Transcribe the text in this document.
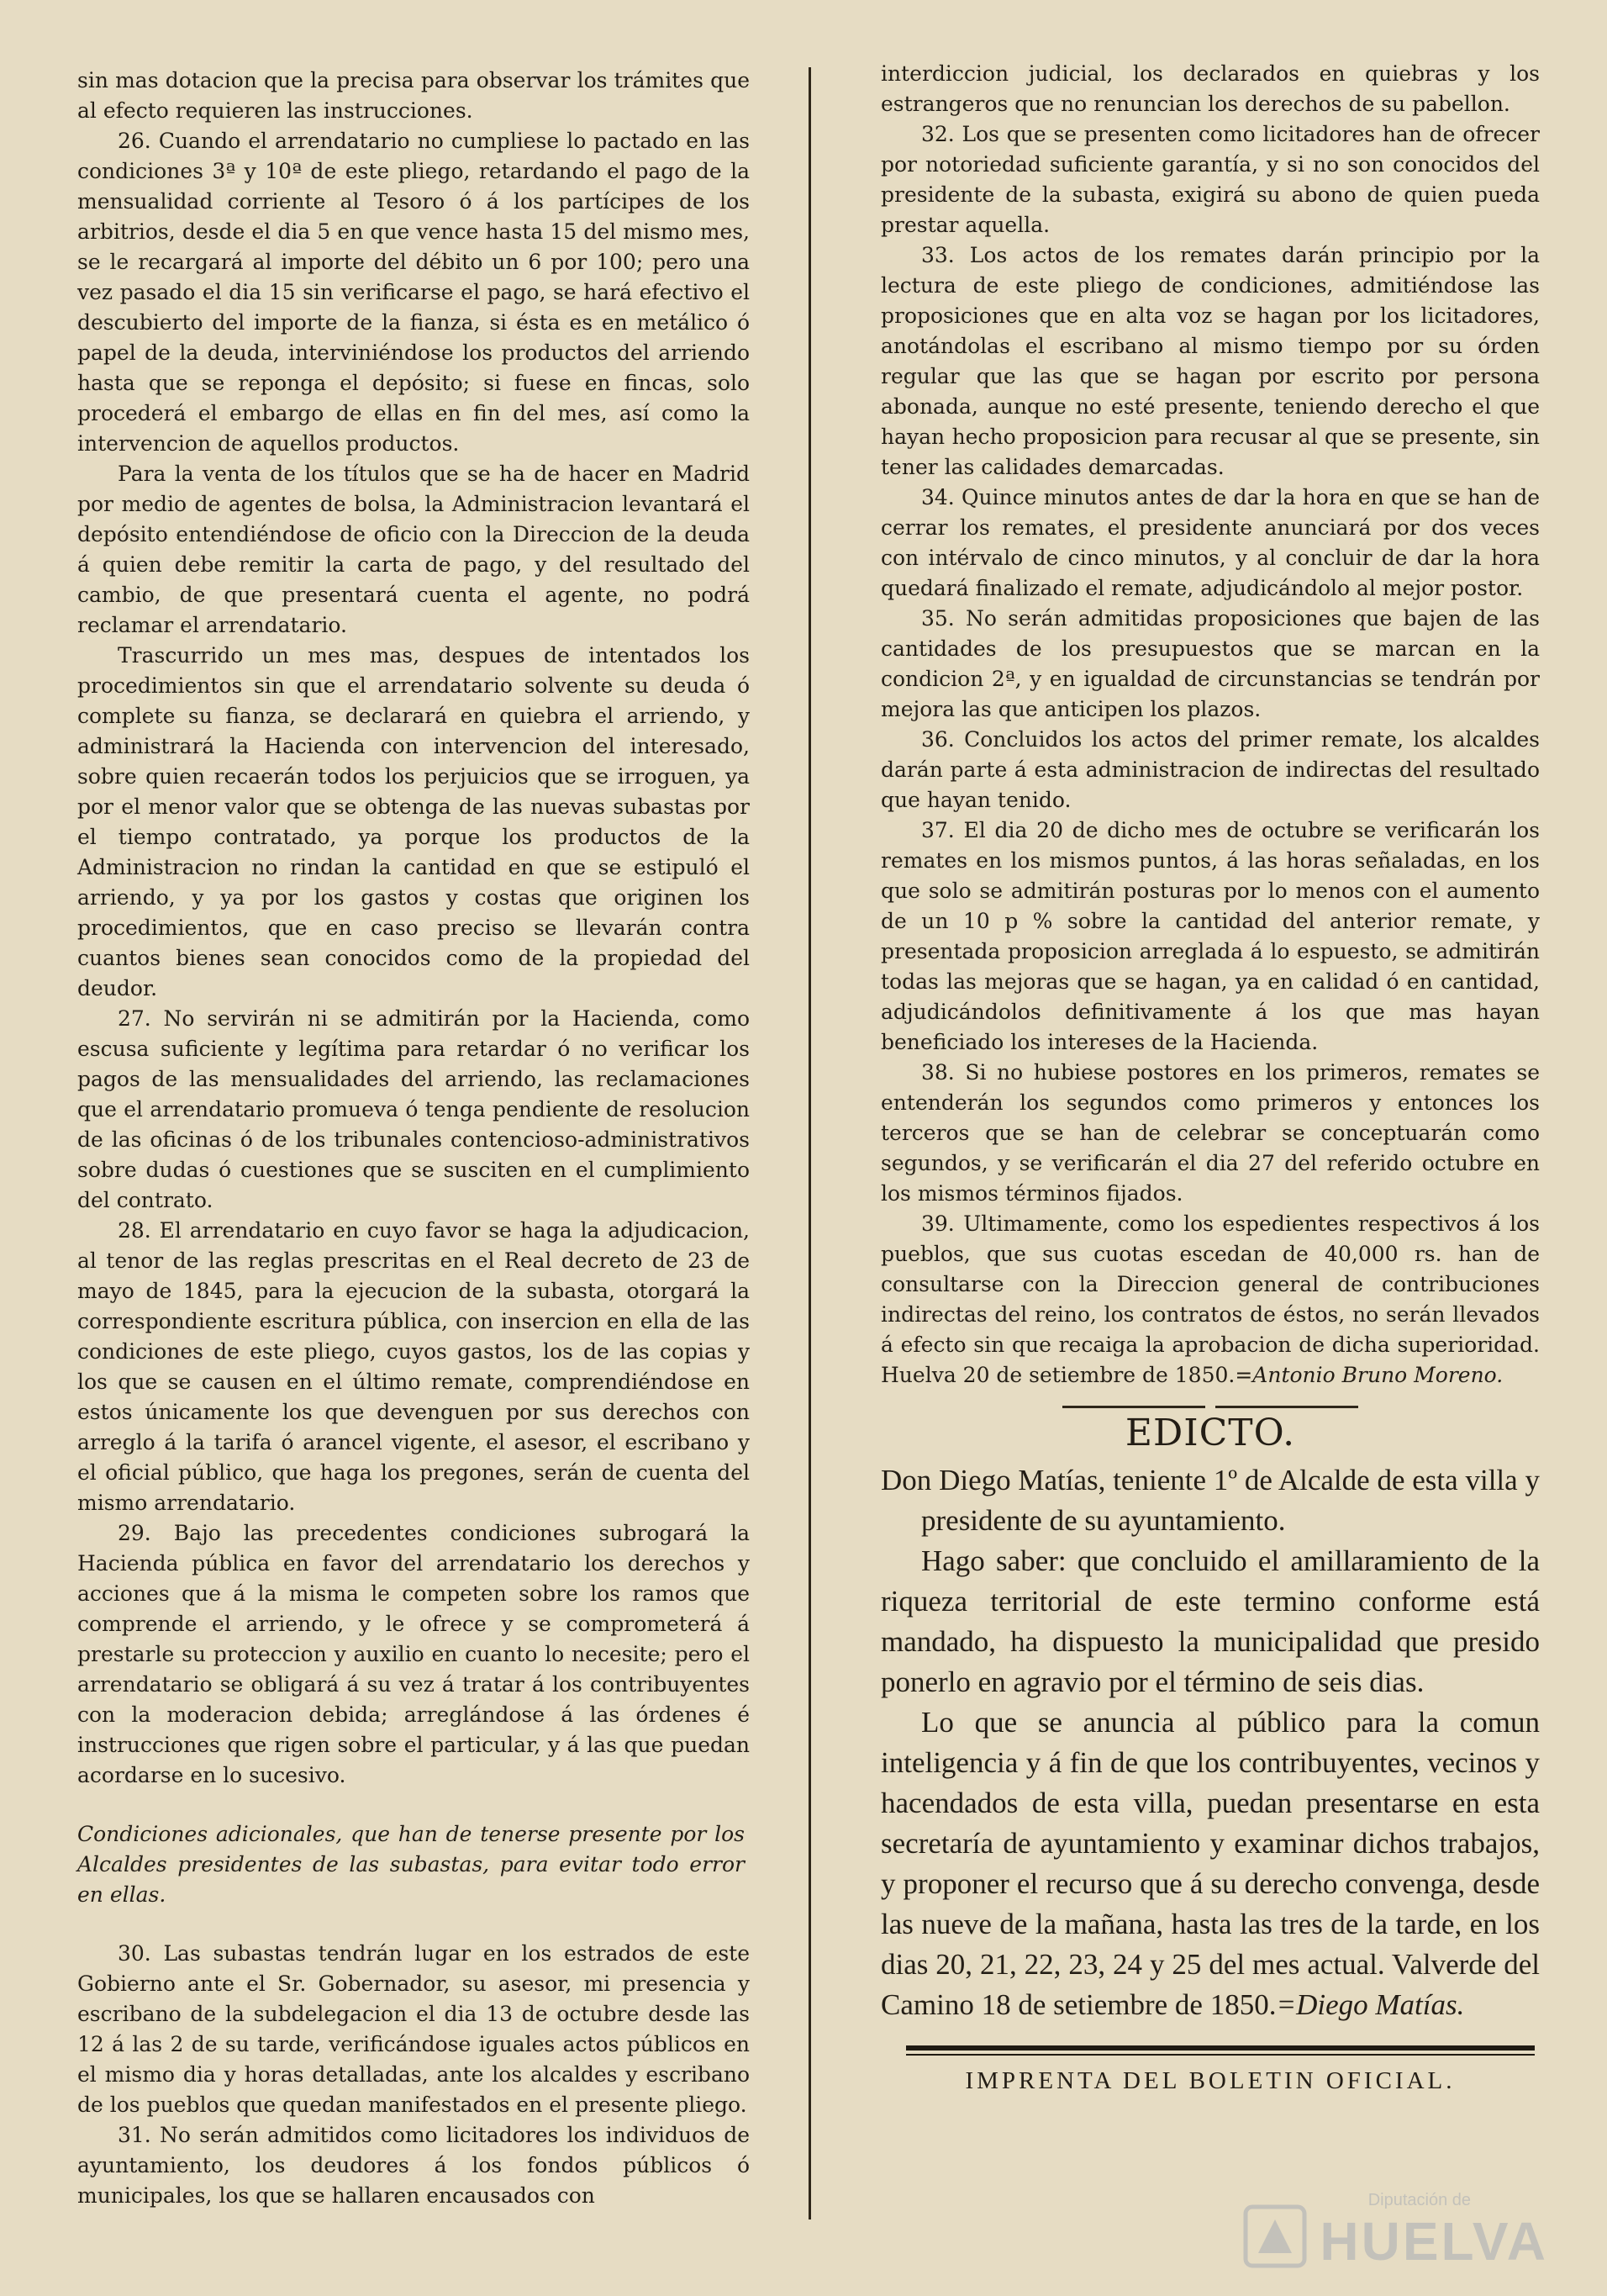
sin mas dotacion que la precisa para observar los trámites que al efecto requieren las instrucciones.

26. Cuando el arrendatario no cumpliese lo pactado en las condiciones 3ª y 10ª de este pliego, retardando el pago de la mensualidad corriente al Tesoro ó á los partícipes de los arbitrios, desde el dia 5 en que vence hasta 15 del mismo mes, se le recargará al importe del débito un 6 por 100; pero una vez pasado el dia 15 sin verificarse el pago, se hará efectivo el descubierto del importe de la fianza, si ésta es en metálico ó papel de la deuda, interviniéndose los productos del arriendo hasta que se reponga el depósito; si fuese en fincas, solo procederá el embargo de ellas en fin del mes, así como la intervencion de aquellos productos.

Para la venta de los títulos que se ha de hacer en Madrid por medio de agentes de bolsa, la Administracion levantará el depósito entendiéndose de oficio con la Direccion de la deuda á quien debe remitir la carta de pago, y del resultado del cambio, de que presentará cuenta el agente, no podrá reclamar el arrendatario.

Trascurrido un mes mas, despues de intentados los procedimientos sin que el arrendatario solvente su deuda ó complete su fianza, se declarará en quiebra el arriendo, y administrará la Hacienda con intervencion del interesado, sobre quien recaerán todos los perjuicios que se irroguen, ya por el menor valor que se obtenga de las nuevas subastas por el tiempo contratado, ya porque los productos de la Administracion no rindan la cantidad en que se estipuló el arriendo, y ya por los gastos y costas que originen los procedimientos, que en caso preciso se llevarán contra cuantos bienes sean conocidos como de la propiedad del deudor.

27. No servirán ni se admitirán por la Hacienda, como escusa suficiente y legítima para retardar ó no verificar los pagos de las mensualidades del arriendo, las reclamaciones que el arrendatario promueva ó tenga pendiente de resolucion de las oficinas ó de los tribunales contencioso-administrativos sobre dudas ó cuestiones que se susciten en el cumplimiento del contrato.

28. El arrendatario en cuyo favor se haga la adjudicacion, al tenor de las reglas prescritas en el Real decreto de 23 de mayo de 1845, para la ejecucion de la subasta, otorgará la correspondiente escritura pública, con insercion en ella de las condiciones de este pliego, cuyos gastos, los de las copias y los que se causen en el último remate, comprendiéndose en estos únicamente los que devenguen por sus derechos con arreglo á la tarifa ó arancel vigente, el asesor, el escribano y el oficial público, que haga los pregones, serán de cuenta del mismo arrendatario.

29. Bajo las precedentes condiciones subrogará la Hacienda pública en favor del arrendatario los derechos y acciones que á la misma le competen sobre los ramos que comprende el arriendo, y le ofrece y se comprometerá á prestarle su proteccion y auxilio en cuanto lo necesite; pero el arrendatario se obligará á su vez á tratar á los contribuyentes con la moderacion debida; arreglándose á las órdenes é instrucciones que rigen sobre el particular, y á las que puedan acordarse en lo sucesivo.

Condiciones adicionales, que han de tenerse presente por los Alcaldes presidentes de las subastas, para evitar todo error en ellas.

30. Las subastas tendrán lugar en los estrados de este Gobierno ante el Sr. Gobernador, su asesor, mi presencia y escribano de la subdelegacion el dia 13 de octubre desde las 12 á las 2 de su tarde, verificándose iguales actos públicos en el mismo dia y horas detalladas, ante los alcaldes y escribano de los pueblos que quedan manifestados en el presente pliego.

31. No serán admitidos como licitadores los individuos de ayuntamiento, los deudores á los fondos públicos ó municipales, los que se hallaren encausados con

interdiccion judicial, los declarados en quiebras y los estrangeros que no renuncian los derechos de su pabellon.

32. Los que se presenten como licitadores han de ofrecer por notoriedad suficiente garantía, y si no son conocidos del presidente de la subasta, exigirá su abono de quien pueda prestar aquella.

33. Los actos de los remates darán principio por la lectura de este pliego de condiciones, admitiéndose las proposiciones que en alta voz se hagan por los licitadores, anotándolas el escribano al mismo tiempo por su órden regular que las que se hagan por escrito por persona abonada, aunque no esté presente, teniendo derecho el que hayan hecho proposicion para recusar al que se presente, sin tener las calidades demarcadas.

34. Quince minutos antes de dar la hora en que se han de cerrar los remates, el presidente anunciará por dos veces con intérvalo de cinco minutos, y al concluir de dar la hora quedará finalizado el remate, adjudicándolo al mejor postor.

35. No serán admitidas proposiciones que bajen de las cantidades de los presupuestos que se marcan en la condicion 2ª, y en igualdad de circunstancias se tendrán por mejora las que anticipen los plazos.

36. Concluidos los actos del primer remate, los alcaldes darán parte á esta administracion de indirectas del resultado que hayan tenido.

37. El dia 20 de dicho mes de octubre se verificarán los remates en los mismos puntos, á las horas señaladas, en los que solo se admitirán posturas por lo menos con el aumento de un 10 p % sobre la cantidad del anterior remate, y presentada proposicion arreglada á lo espuesto, se admitirán todas las mejoras que se hagan, ya en calidad ó en cantidad, adjudicándolos definitivamente á los que mas hayan beneficiado los intereses de la Hacienda.

38. Si no hubiese postores en los primeros, remates se entenderán los segundos como primeros y entonces los terceros que se han de celebrar se conceptuarán como segundos, y se verificarán el dia 27 del referido octubre en los mismos términos fijados.

39. Ultimamente, como los espedientes respectivos á los pueblos, que sus cuotas escedan de 40,000 rs. han de consultarse con la Direccion general de contribuciones indirectas del reino, los contratos de éstos, no serán llevados á efecto sin que recaiga la aprobacion de dicha superioridad. Huelva 20 de setiembre de 1850.=Antonio Bruno Moreno.

EDICTO.

Don Diego Matías, teniente 1º de Alcalde de esta villa y presidente de su ayuntamiento.

Hago saber: que concluido el amillaramiento de la riqueza territorial de este termino conforme está mandado, ha dispuesto la municipalidad que presido ponerlo en agravio por el término de seis dias.

Lo que se anuncia al público para la comun inteligencia y á fin de que los contribuyentes, vecinos y hacendados de esta villa, puedan presentarse en esta secretaría de ayuntamiento y examinar dichos trabajos, y proponer el recurso que á su derecho convenga, desde las nueve de la mañana, hasta las tres de la tarde, en los dias 20, 21, 22, 23, 24 y 25 del mes actual. Valverde del Camino 18 de setiembre de 1850.=Diego Matías.

IMPRENTA DEL BOLETIN OFICIAL.
Diputación de
HUELVA
